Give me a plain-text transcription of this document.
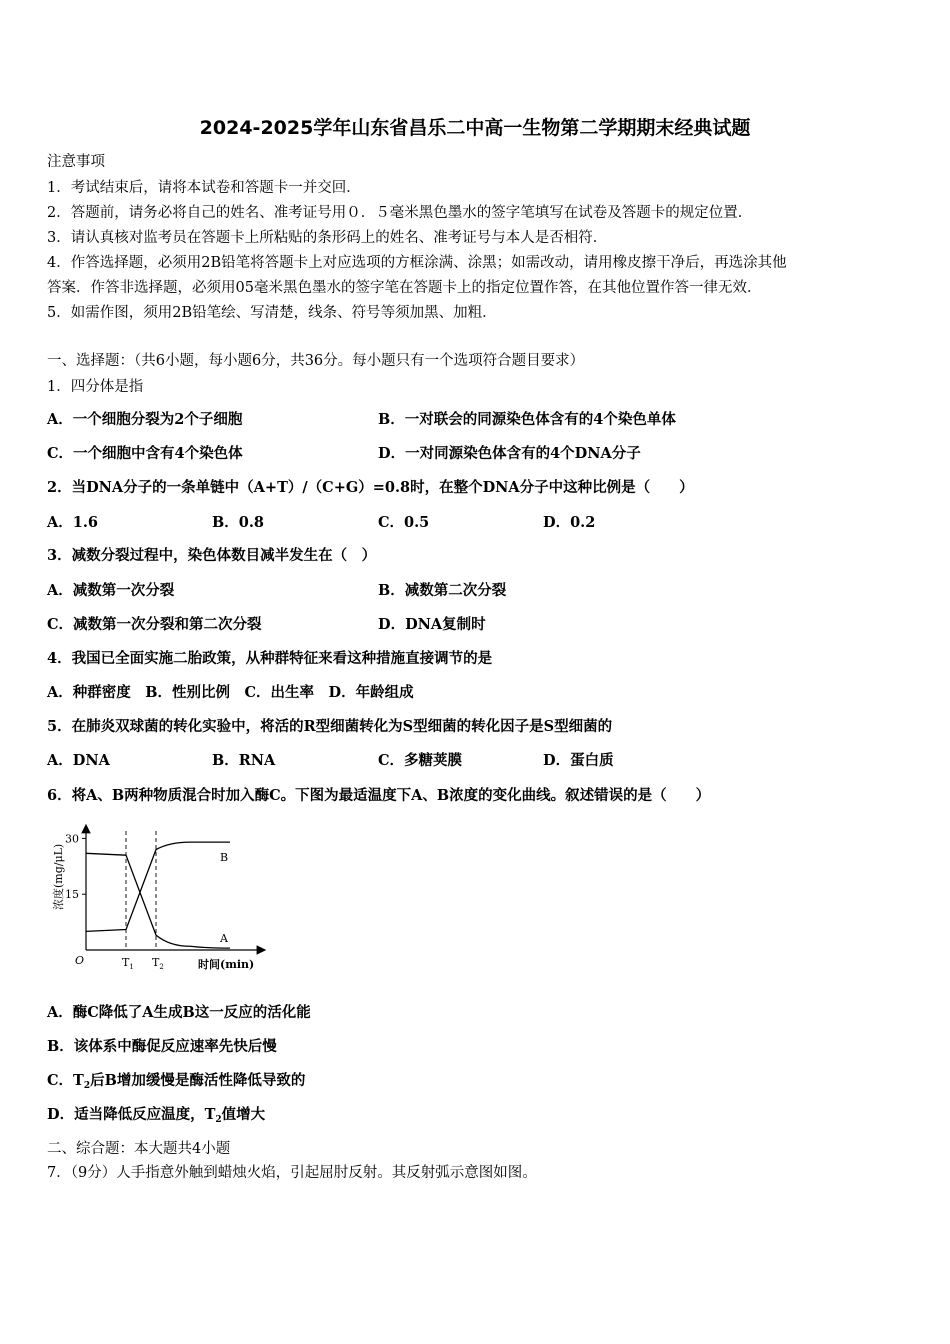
2024-2025学年山东省昌乐二中高一生物第二学期期末经典试题
注意事项
1．考试结束后，请将本试卷和答题卡一并交回．
2．答题前，请务必将自己的姓名、准考证号用０．５毫米黑色墨水的签字笔填写在试卷及答题卡的规定位置．
3．请认真核对监考员在答题卡上所粘贴的条形码上的姓名、准考证号与本人是否相符．
4．作答选择题，必须用2B铅笔将答题卡上对应选项的方框涂满、涂黑；如需改动，请用橡皮擦干净后，再选涂其他
答案．作答非选择题，必须用05毫米黑色墨水的签字笔在答题卡上的指定位置作答，在其他位置作答一律无效．
5．如需作图，须用2B铅笔绘、写清楚，线条、符号等须加黑、加粗．
一、选择题：（共6小题，每小题6分，共36分。每小题只有一个选项符合题目要求）
1．四分体是指
A．一个细胞分裂为2个子细胞	B．一对联会的同源染色体含有的4个染色单体
C．一个细胞中含有4个染色体	D．一对同源染色体含有的4个DNA分子
2．当DNA分子的一条单链中（A+T）/（C+G）=0.8时，在整个DNA分子中这种比例是（　　）
A．1.6	B．0.8	C．0.5	D．0.2
3．减数分裂过程中，染色体数目减半发生在（　）
A．减数第一次分裂	B．减数第二次分裂
C．减数第一次分裂和第二次分裂	D．DNA复制时
4．我国已全面实施二胎政策，从种群特征来看这种措施直接调节的是
A．种群密度　B．性别比例　C．出生率　D．年龄组成
5．在肺炎双球菌的转化实验中，将活的R型细菌转化为S型细菌的转化因子是S型细菌的
A．DNA	B．RNA	C．多糖荚膜	D．蛋白质
6．将A、B两种物质混合时加入酶C。下图为最适温度下A、B浓度的变化曲线。叙述错误的是（　　）
30
15
浓度(mg/μL)
O	$T_1$ $T_2$	时间(min)
B
A
A．酶C降低了A生成B这一反应的活化能
B．该体系中酶促反应速率先快后慢
C．$T_2$后B增加缓慢是酶活性降低导致的
D．适当降低反应温度，$T_2$值增大
二、综合题：本大题共4小题
7．（9分）人手指意外触到蜡烛火焰，引起屈肘反射。其反射弧示意图如图。
